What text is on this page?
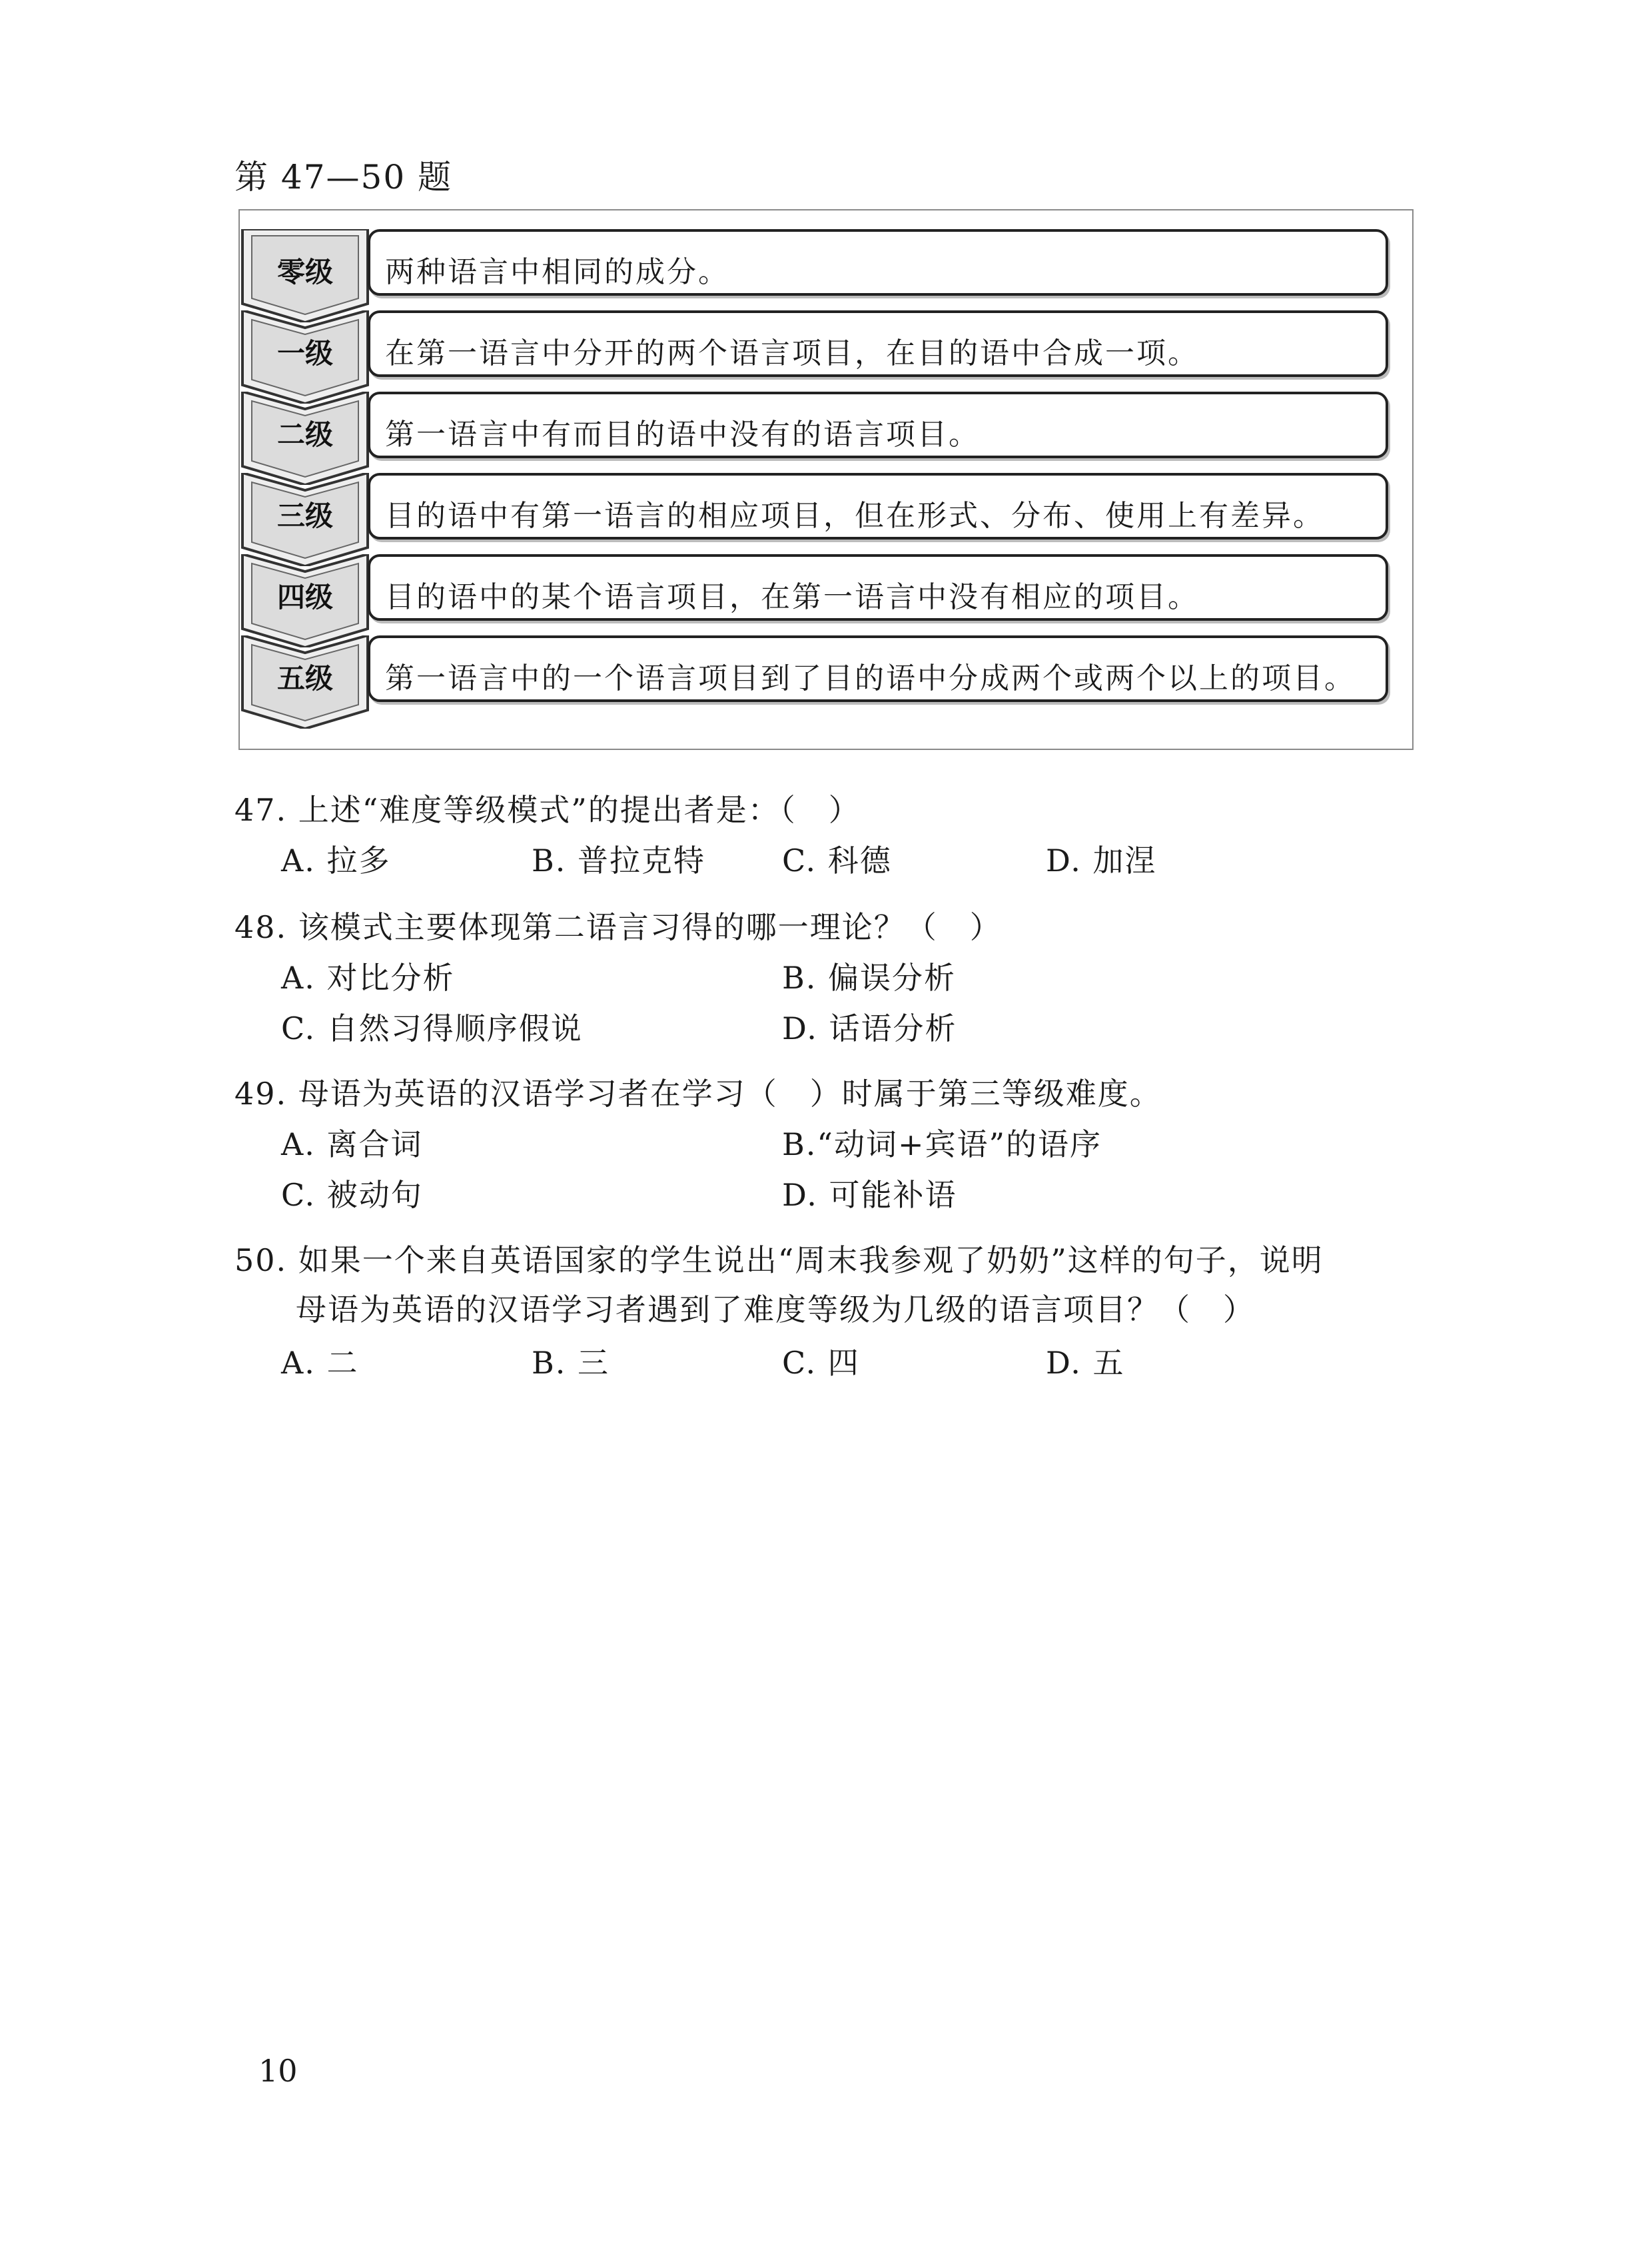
第 47—50 题
零级	两种语言中相同的成分。
一级	在第一语言中分开的两个语言项目，在目的语中合成一项。
二级	第一语言中有而目的语中没有的语言项目。
三级	目的语中有第一语言的相应项目，但在形式、分布、使用上有差异。
四级	目的语中的某个语言项目，在第一语言中没有相应的项目。
五级	第一语言中的一个语言项目到了目的语中分成两个或两个以上的项目。
47. 上述“难度等级模式”的提出者是：（　）
A. 拉多	B. 普拉克特 C. 科德	D. 加涅
48. 该模式主要体现第二语言习得的哪一理论？（　）
A. 对比分析	B. 偏误分析
C. 自然习得顺序假说	D. 话语分析
49. 母语为英语的汉语学习者在学习（　）时属于第三等级难度。
A. 离合词	B.“动词+宾语”的语序
C. 被动句	D. 可能补语
50. 如果一个来自英语国家的学生说出“周末我参观了奶奶”这样的句子，说明
母语为英语的汉语学习者遇到了难度等级为几级的语言项目？（　）
A. 二	B. 三	C. 四	D. 五
10
